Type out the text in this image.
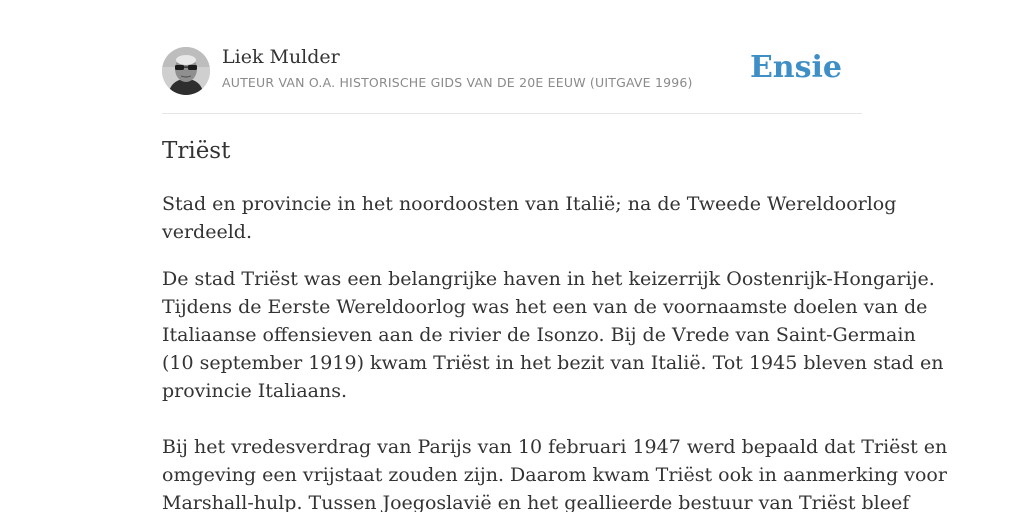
Liek Mulder
AUTEUR VAN O.A. HISTORISCHE GIDS VAN DE 20E EEUW (UITGAVE 1996) Ensie
Triëst

Stad en provincie in het noordoosten van Italië; na de Tweede Wereldoorlog
verdeeld.

De stad Triëst was een belangrijke haven in het keizerrijk Oostenrijk-Hongarije.
Tijdens de Eerste Wereldoorlog was het een van de voornaamste doelen van de
Italiaanse offensieven aan de rivier de Isonzo. Bij de Vrede van Saint-Germain
(10 september 1919) kwam Triëst in het bezit van Italië. Tot 1945 bleven stad en
provincie Italiaans.

Bij het vredesverdrag van Parijs van 10 februari 1947 werd bepaald dat Triëst en
omgeving een vrijstaat zouden zijn. Daarom kwam Triëst ook in aanmerking voor
Marshall-hulp. Tussen Joegoslavië en het geallieerde bestuur van Triëst bleef
